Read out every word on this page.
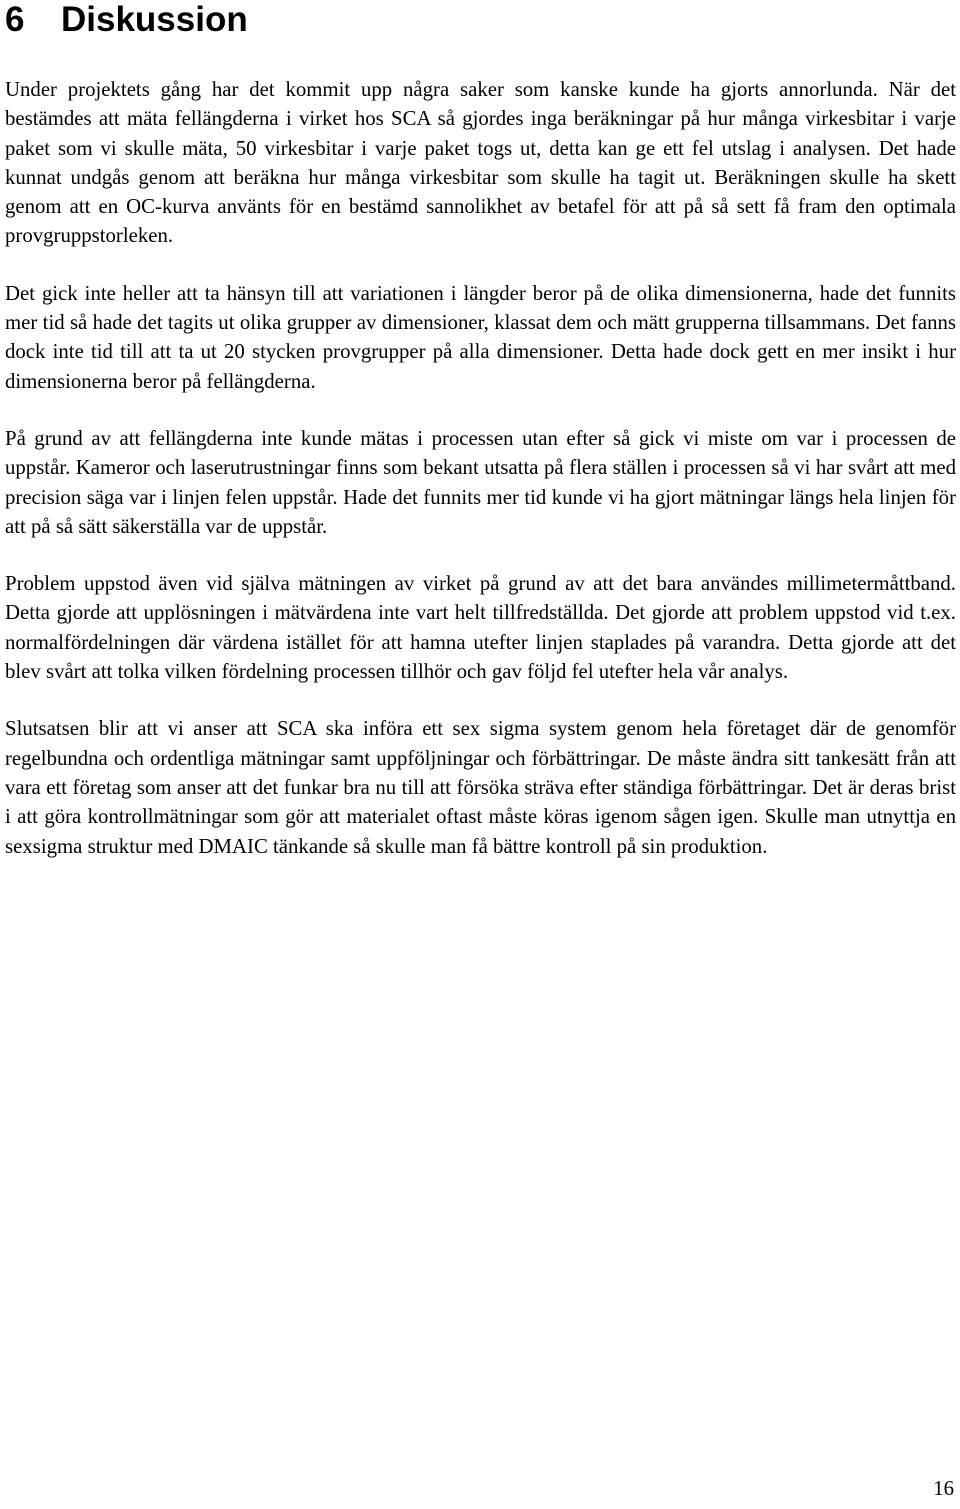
6 Diskussion

Under projektets gång har det kommit upp några saker som kanske kunde ha gjorts annorlunda. När det bestämdes att mäta fellängderna i virket hos SCA så gjordes inga beräkningar på hur många virkesbitar i varje paket som vi skulle mäta, 50 virkesbitar i varje paket togs ut, detta kan ge ett fel utslag i analysen. Det hade kunnat undgås genom att beräkna hur många virkesbitar som skulle ha tagit ut. Beräkningen skulle ha skett genom att en OC-kurva använts för en bestämd sannolikhet av betafel för att på så sett få fram den optimala provgruppstorleken.

Det gick inte heller att ta hänsyn till att variationen i längder beror på de olika dimensionerna, hade det funnits mer tid så hade det tagits ut olika grupper av dimensioner, klassat dem och mätt grupperna tillsammans. Det fanns dock inte tid till att ta ut 20 stycken provgrupper på alla dimensioner. Detta hade dock gett en mer insikt i hur dimensionerna beror på fellängderna.

På grund av att fellängderna inte kunde mätas i processen utan efter så gick vi miste om var i processen de uppstår. Kameror och laserutrustningar finns som bekant utsatta på flera ställen i processen så vi har svårt att med precision säga var i linjen felen uppstår. Hade det funnits mer tid kunde vi ha gjort mätningar längs hela linjen för att på så sätt säkerställa var de uppstår.

Problem uppstod även vid själva mätningen av virket på grund av att det bara användes millimetermåttband. Detta gjorde att upplösningen i mätvärdena inte vart helt tillfredställda. Det gjorde att problem uppstod vid t.ex. normalfördelningen där värdena istället för att hamna utefter linjen staplades på varandra. Detta gjorde att det blev svårt att tolka vilken fördelning processen tillhör och gav följd fel utefter hela vår analys.

Slutsatsen blir att vi anser att SCA ska införa ett sex sigma system genom hela företaget där de genomför regelbundna och ordentliga mätningar samt uppföljningar och förbättringar. De måste ändra sitt tankesätt från att vara ett företag som anser att det funkar bra nu till att försöka sträva efter ständiga förbättringar. Det är deras brist i att göra kontrollmätningar som gör att materialet oftast måste köras igenom sågen igen. Skulle man utnyttja en sexsigma struktur med DMAIC tänkande så skulle man få bättre kontroll på sin produktion.

16
